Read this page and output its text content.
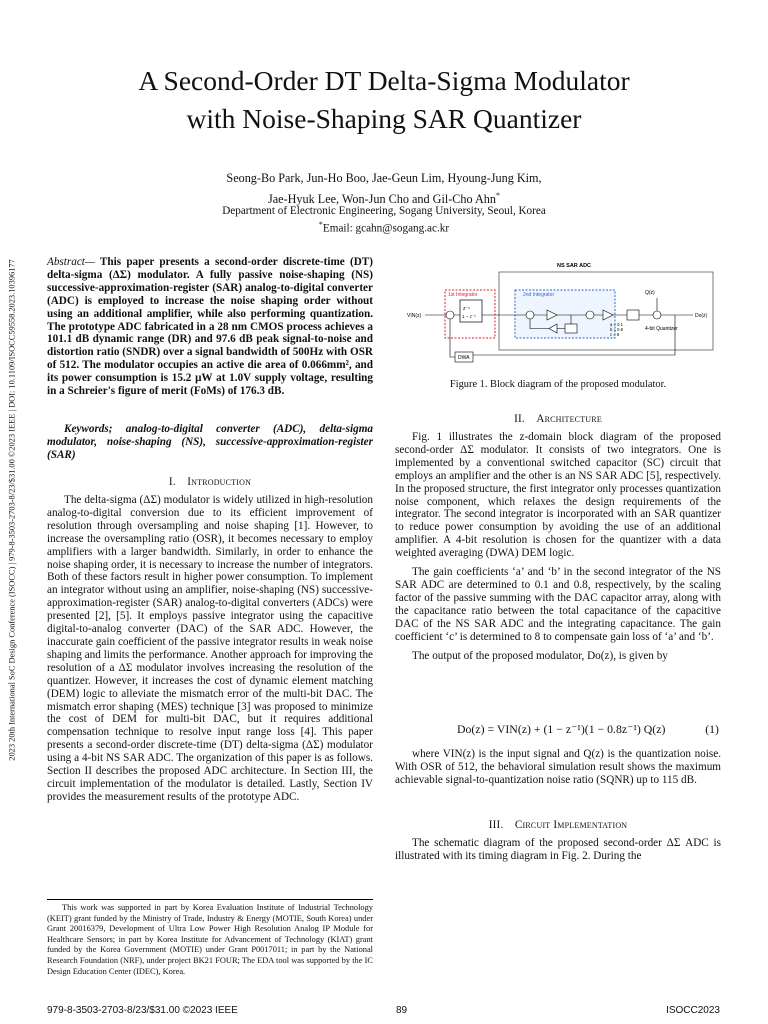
A Second-Order DT Delta-Sigma Modulator
with Noise-Shaping SAR Quantizer
Seong-Bo Park, Jun-Ho Boo, Jae-Geun Lim, Hyoung-Jung Kim,
Jae-Hyuk Lee, Won-Jun Cho and Gil-Cho Ahn*
Department of Electronic Engineering, Sogang University, Seoul, Korea
*Email: gcahn@sogang.ac.kr
2023 20th International SoC Design Conference (ISOCC) | 979-8-3503-2703-8/23/$31.00 ©2023 IEEE | DOI: 10.1109/ISOCC59558.2023.10396177	Abstract— This paper presents a second-order discrete-time (DT) delta-sigma (ΔΣ) modulator. A fully passive noise-shaping (NS) successive-approximation-register (SAR) analog-to-digital converter (ADC) is employed to increase the noise shaping order without using an additional amplifier, while also performing quantization. The prototype ADC fabricated in a 28 nm CMOS process achieves a 101.1 dB dynamic range (DR) and 97.6 dB peak signal-to-noise and distortion ratio (SNDR) over a signal bandwidth of 500Hz with OSR of 512. The modulator occupies an active die area of 0.066mm², and its power consumption is 15.2 μW at 1.0V supply voltage, resulting in a Schreier's figure of merit (FoMs) of 176.3 dB.

Keywords; analog-to-digital converter (ADC), delta-sigma modulator, noise-shaping (NS), successive-approximation-register (SAR)

I. Introduction

The delta-sigma (ΔΣ) modulator is widely utilized in high-resolution analog-to-digital conversion due to its efficient improvement of resolution through oversampling and noise shaping [1]. However, to increase the oversampling ratio (OSR), it becomes necessary to employ amplifiers with a larger bandwidth. Similarly, in order to enhance the noise shaping order, it is necessary to increase the number of integrators. Both of these factors result in higher power consumption. To implement an integrator without using an amplifier, noise-shaping (NS) successive-approximation-register (SAR) analog-to-digital converters (ADCs) were presented [2], [5]. It employs passive integrator using the capacitive digital-to-analog converter (DAC) of the SAR ADC. However, the inaccurate gain coefficient of the passive integrator results in weak noise shaping and limits the performance. Another approach for improving the resolution of a ΔΣ modulator involves increasing the resolution of the quantizer. However, it increases the cost of dynamic element matching (DEM) logic to alleviate the mismatch error of the multi-bit DAC. The mismatch error shaping (MES) technique [3] was proposed to minimize the cost of DEM for multi-bit DAC, but it requires additional compensation technique to resolve input range loss [4]. This paper presents a second-order discrete-time (DT) delta-sigma (ΔΣ) modulator using a 4-bit NS SAR ADC. The organization of this paper is as follows. Section II describes the proposed ADC architecture. In Section III, the circuit implementation of the modulator is detailed. Lastly, Section IV provides the measurement results of the prototype ADC.

This work was supported in part by Korea Evaluation Institute of Industrial Technology (KEIT) grant funded by the Ministry of Trade, Industry & Energy (MOTIE, South Korea) under Grant 20016379, Development of Ultra Low Power High Resolution Analog IP Module for Healthcare Sensors; in part by Korea Institute for Advancement of Technology (KIAT) grant funded by the Korea Government (MOTIE) under Grant P0017011; in part by the National Research Foundation (NRF), under project BK21 FOUR; The EDA tool was supported by the IC Design Education Center (IDEC), Korea.

NS SAR ADC
1st Integrator	2nd Integrator
z⁻¹
1 − z⁻¹
a = 0.1
b = 0.8
c = 8
Q(z)
4-bit Quantizer
VIN(z)	Do(z)
DWA
Figure 1. Block diagram of the proposed modulator.
II. Architecture

Fig. 1 illustrates the z-domain block diagram of the proposed second-order ΔΣ modulator. It consists of two integrators. One is implemented by a conventional switched capacitor (SC) circuit that employs an amplifier and the other is an NS SAR ADC [5], respectively. In the proposed structure, the first integrator only processes quantization noise component, which relaxes the design requirements of the integrator. The second integrator is incorporated with an SAR quantizer to reduce power consumption by avoiding the use of an additional amplifier. A 4-bit resolution is chosen for the quantizer with a data weighted averaging (DWA) DEM logic.

The gain coefficients ‘a’ and ‘b’ in the second integrator of the NS SAR ADC are determined to 0.1 and 0.8, respectively, by the scaling factor of the passive summing with the DAC capacitor array, along with the capacitance ratio between the total capacitance of the capacitive DAC of the NS SAR ADC and the integrating capacitance. The gain coefficient ‘c’ is determined to 8 to compensate gain loss of ‘a’ and ‘b’.

The output of the proposed modulator, Do(z), is given by

Do(z) = VIN(z) + (1 − z⁻¹)(1 − 0.8z⁻¹) Q(z)	(1)

where VIN(z) is the input signal and Q(z) is the quantization noise. With OSR of 512, the behavioral simulation result shows the maximum achievable signal-to-quantization noise ratio (SQNR) up to 115 dB.

III. Circuit Implementation

The schematic diagram of the proposed second-order ΔΣ ADC is illustrated with its timing diagram in Fig. 2. During the

979-8-3503-2703-8/23/$31.00 ©2023 IEEE	89	ISOCC2023
